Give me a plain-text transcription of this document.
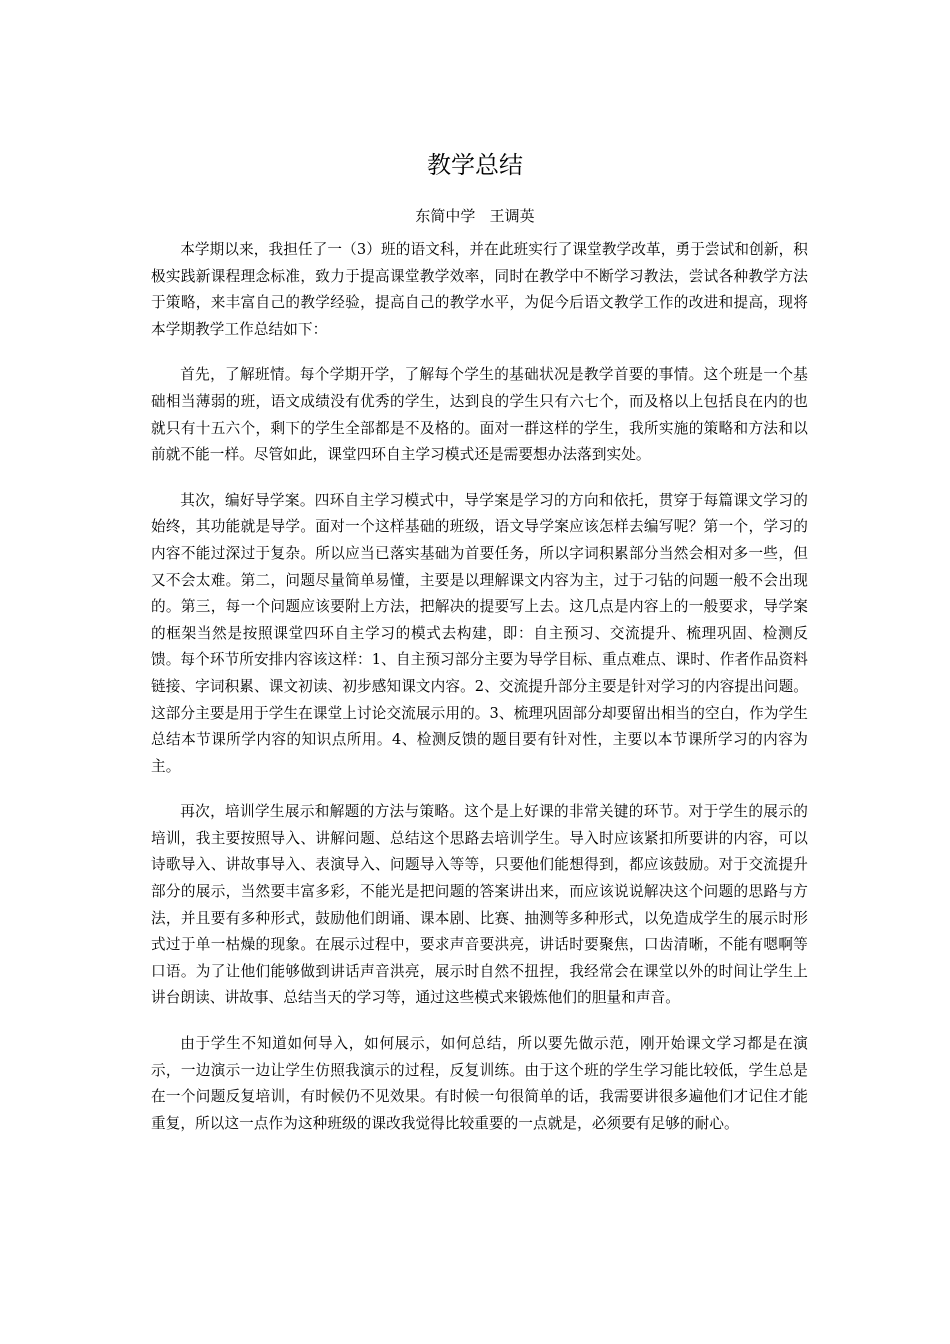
教学总结
东简中学   王调英

本学期以来，我担任了一（3）班的语文科，并在此班实行了课堂教学改革，勇于尝试和创新，积极实践新课程理念标准，致力于提高课堂教学效率，同时在教学中不断学习教法，尝试各种教学方法于策略，来丰富自己的教学经验，提高自己的教学水平，为促今后语文教学工作的改进和提高，现将本学期教学工作总结如下：

首先，了解班情。每个学期开学，了解每个学生的基础状况是教学首要的事情。这个班是一个基础相当薄弱的班，语文成绩没有优秀的学生，达到良的学生只有六七个，而及格以上包括良在内的也就只有十五六个，剩下的学生全部都是不及格的。面对一群这样的学生，我所实施的策略和方法和以前就不能一样。尽管如此，课堂四环自主学习模式还是需要想办法落到实处。

其次，编好导学案。四环自主学习模式中，导学案是学习的方向和依托，贯穿于每篇课文学习的始终，其功能就是导学。面对一个这样基础的班级，语文导学案应该怎样去编写呢？第一个，学习的内容不能过深过于复杂。所以应当已落实基础为首要任务，所以字词积累部分当然会相对多一些，但又不会太难。第二，问题尽量简单易懂，主要是以理解课文内容为主，过于刁钻的问题一般不会出现的。第三，每一个问题应该要附上方法，把解决的提要写上去。这几点是内容上的一般要求，导学案的框架当然是按照课堂四环自主学习的模式去构建，即：自主预习、交流提升、梳理巩固、检测反馈。每个环节所安排内容该这样：1、自主预习部分主要为导学目标、重点难点、课时、作者作品资料链接、字词积累、课文初读、初步感知课文内容。2、交流提升部分主要是针对学习的内容提出问题。这部分主要是用于学生在课堂上讨论交流展示用的。3、梳理巩固部分却要留出相当的空白，作为学生总结本节课所学内容的知识点所用。4、检测反馈的题目要有针对性，主要以本节课所学习的内容为主。

再次，培训学生展示和解题的方法与策略。这个是上好课的非常关键的环节。对于学生的展示的培训，我主要按照导入、讲解问题、总结这个思路去培训学生。导入时应该紧扣所要讲的内容，可以诗歌导入、讲故事导入、表演导入、问题导入等等，只要他们能想得到，都应该鼓励。对于交流提升部分的展示，当然要丰富多彩，不能光是把问题的答案讲出来，而应该说说解决这个问题的思路与方法，并且要有多种形式，鼓励他们朗诵、课本剧、比赛、抽测等多种形式，以免造成学生的展示时形式过于单一枯燥的现象。在展示过程中，要求声音要洪亮，讲话时要聚焦，口齿清晰，不能有嗯啊等口语。为了让他们能够做到讲话声音洪亮，展示时自然不扭捏，我经常会在课堂以外的时间让学生上讲台朗读、讲故事、总结当天的学习等，通过这些模式来锻炼他们的胆量和声音。

由于学生不知道如何导入，如何展示，如何总结，所以要先做示范，刚开始课文学习都是在演示，一边演示一边让学生仿照我演示的过程，反复训练。由于这个班的学生学习能比较低，学生总是在一个问题反复培训，有时候仍不见效果。有时候一句很简单的话，我需要讲很多遍他们才记住才能重复，所以这一点作为这种班级的课改我觉得比较重要的一点就是，必须要有足够的耐心。
